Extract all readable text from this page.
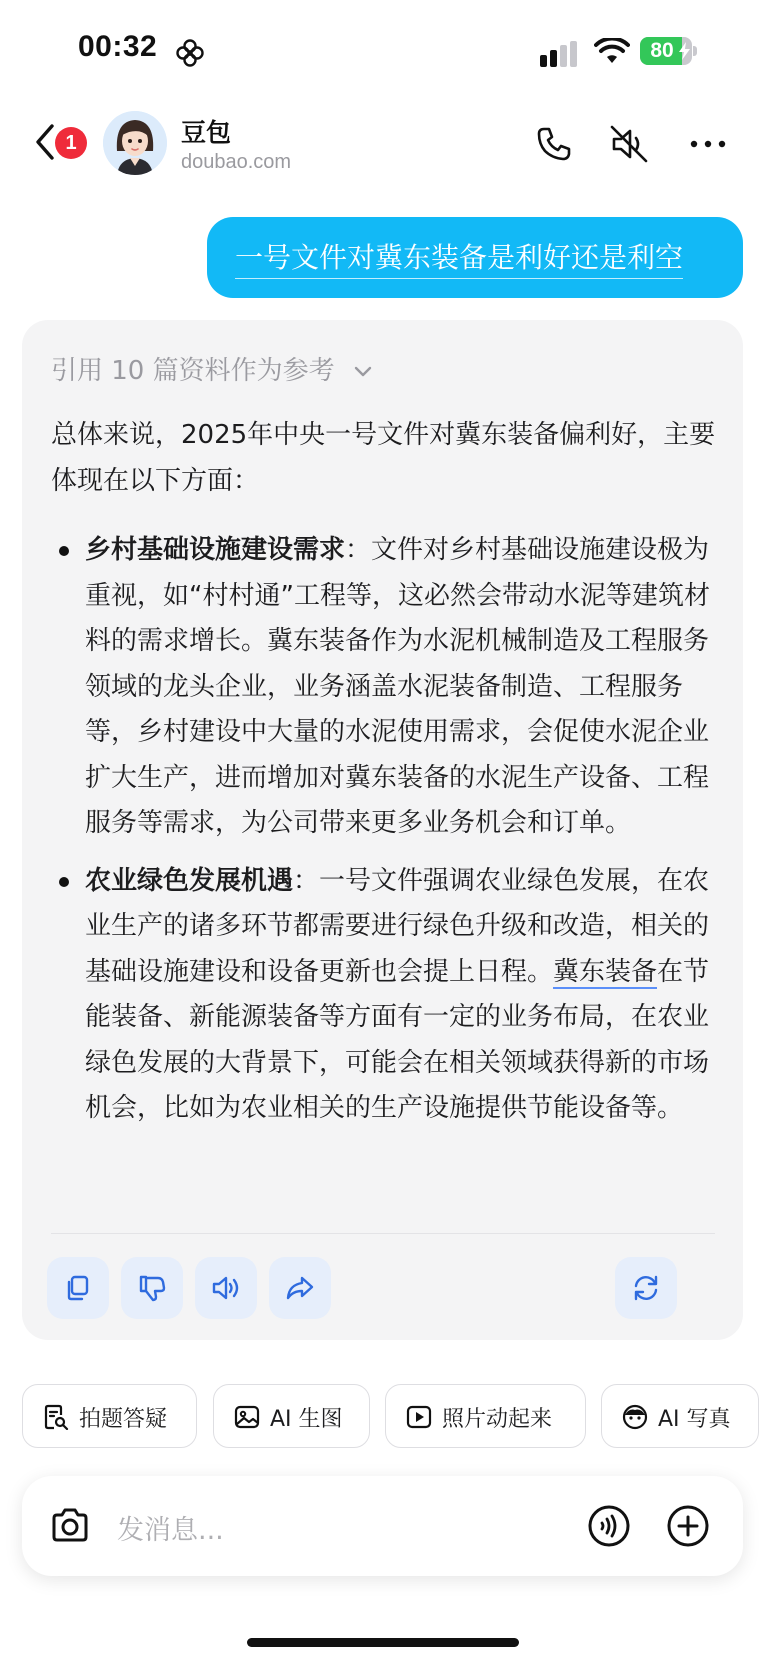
00:32	80
1	豆包
doubao.com
一号文件对冀东装备是利好还是利空
引用 10 篇资料作为参考
总体来说，2025年中央一号文件对冀东装备偏利好，主要体现在以下方面：
乡村基础设施建设需求：文件对乡村基础设施建设极为重视，如“村村通”工程等，这必然会带动水泥等建筑材料的需求增长。冀东装备作为水泥机械制造及工程服务领域的龙头企业，业务涵盖水泥装备制造、工程服务等，乡村建设中大量的水泥使用需求，会促使水泥企业扩大生产，进而增加对冀东装备的水泥生产设备、工程服务等需求，为公司带来更多业务机会和订单。
农业绿色发展机遇：一号文件强调农业绿色发展，在农业生产的诸多环节都需要进行绿色升级和改造，相关的基础设施建设和设备更新也会提上日程。冀东装备在节能装备、新能源装备等方面有一定的业务布局，在农业绿色发展的大背景下，可能会在相关领域获得新的市场机会，比如为农业相关的生产设施提供节能设备等。
拍题答疑	AI 生图	照片动起来	AI 写真
发消息...
